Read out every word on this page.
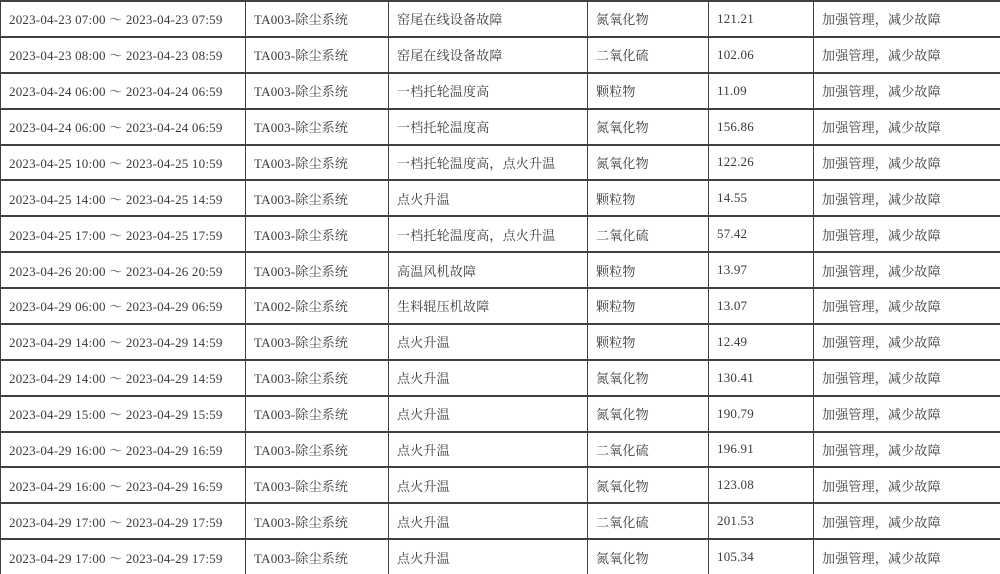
2023-04-23 07:00 ～ 2023-04-23 07:59	TA003-除尘系统	窑尾在线设备故障	氮氧化物	121.21	加强管理，减少故障
2023-04-23 08:00 ～ 2023-04-23 08:59	TA003-除尘系统	窑尾在线设备故障	二氧化硫	102.06	加强管理，减少故障
2023-04-24 06:00 ～ 2023-04-24 06:59	TA003-除尘系统	一档托轮温度高	颗粒物	11.09	加强管理，减少故障
2023-04-24 06:00 ～ 2023-04-24 06:59	TA003-除尘系统	一档托轮温度高	氮氧化物	156.86	加强管理，减少故障
2023-04-25 10:00 ～ 2023-04-25 10:59	TA003-除尘系统	一档托轮温度高，点火升温	氮氧化物	122.26	加强管理，减少故障
2023-04-25 14:00 ～ 2023-04-25 14:59	TA003-除尘系统	点火升温	颗粒物	14.55	加强管理，减少故障
2023-04-25 17:00 ～ 2023-04-25 17:59	TA003-除尘系统	一档托轮温度高，点火升温	二氧化硫	57.42	加强管理，减少故障
2023-04-26 20:00 ～ 2023-04-26 20:59	TA003-除尘系统	高温风机故障	颗粒物	13.97	加强管理，减少故障
2023-04-29 06:00 ～ 2023-04-29 06:59	TA002-除尘系统	生料辊压机故障	颗粒物	13.07	加强管理，减少故障
2023-04-29 14:00 ～ 2023-04-29 14:59	TA003-除尘系统	点火升温	颗粒物	12.49	加强管理，减少故障
2023-04-29 14:00 ～ 2023-04-29 14:59	TA003-除尘系统	点火升温	氮氧化物	130.41	加强管理，减少故障
2023-04-29 15:00 ～ 2023-04-29 15:59	TA003-除尘系统	点火升温	氮氧化物	190.79	加强管理，减少故障
2023-04-29 16:00 ～ 2023-04-29 16:59	TA003-除尘系统	点火升温	二氧化硫	196.91	加强管理，减少故障
2023-04-29 16:00 ～ 2023-04-29 16:59	TA003-除尘系统	点火升温	氮氧化物	123.08	加强管理，减少故障
2023-04-29 17:00 ～ 2023-04-29 17:59	TA003-除尘系统	点火升温	二氧化硫	201.53	加强管理，减少故障
2023-04-29 17:00 ～ 2023-04-29 17:59	TA003-除尘系统	点火升温	氮氧化物	105.34	加强管理，减少故障
